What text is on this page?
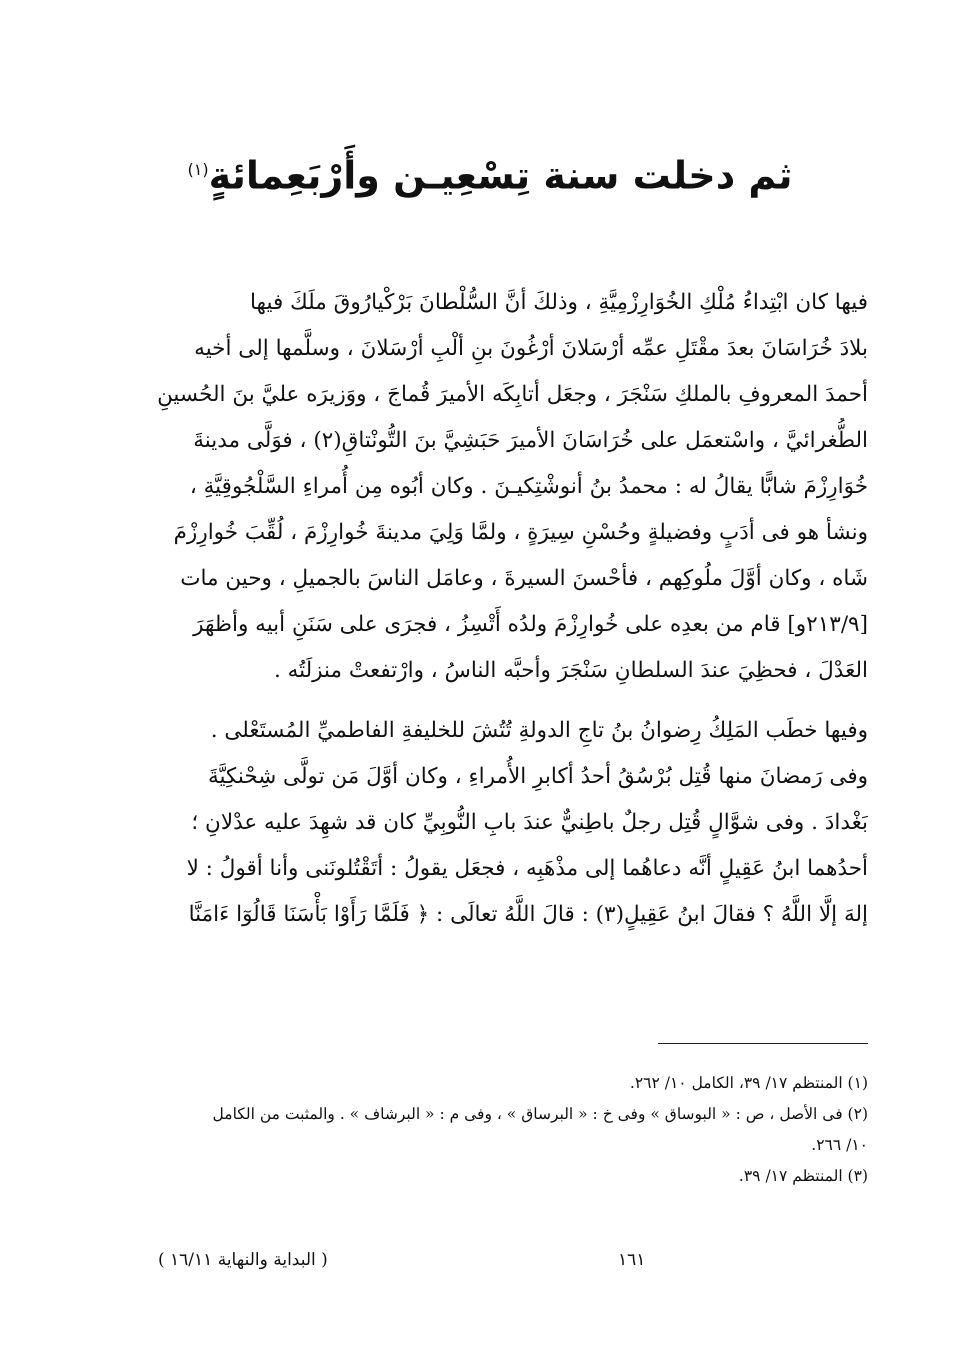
ثم دخلت سنة تِسْعِيـن وأَرْبَعِمائةٍ$^{(١)}$

فيها كان ابْتِداءُ مُلْكِ الخُوَارِزْمِيَّةِ ، وذلكَ أنَّ السُّلْطانَ بَرْكْيارُوقَ ملَكَ فيها
بلادَ خُرَاسَانَ بعدَ مقْتَلِ عمِّه أرْسَلانَ أرْغُونَ بنِ ألْبِ أرْسَلانَ ، وسلَّمها إلى أخيه
أحمدَ المعروفِ بالملكِ سَنْجَرَ ، وجعَل أتابِكَه الأميرَ قُماجَ ، ووَزيرَه عليَّ بنَ الحُسينِ
الطُّغرائيَّ ، واسْتعمَل على خُرَاسَانَ الأميرَ حَبَشِيَّ بنَ التُّونْتاقِ(٢) ، فوَلَّى مدينةَ
خُوَارِزْمَ شابًّا يقالُ له : محمدُ بنُ أنوشْتِكيـنَ . وكان أبُوه مِن أُمراءِ السَّلْجُوقِيَّةِ ،
ونشأ هو فى أدَبٍ وفضيلةٍ وحُسْنِ سِيرَةٍ ، ولمَّا وَلِيَ مدينةَ خُوارِزْمَ ، لُقِّبَ خُوارِزْمَ
شَاه ، وكان أوَّلَ ملُوكِهم ، فأحْسنَ السيرةَ ، وعامَل الناسَ بالجميلِ ، وحين مات
[٢١٣/٩و] قام من بعدِه على خُوارِزْمَ ولدُه أَتْسِزُ ، فجرَى على سَنَنِ أبيه وأظهَرَ
العَدْلَ ، فحظِيَ عندَ السلطانِ سَنْجَرَ وأحبَّه الناسُ ، وارْتفعتْ منزلَتُه .

وفيها خطَب المَلِكُ رِضوانُ بنُ تاجِ الدولةِ تُتُشَ للخليفةِ الفاطميِّ المُستَعْلى .
وفى رَمضانَ منها قُتِل بُرْسُقُ أحدُ أكابرِ الأُمراءِ ، وكان أوَّلَ مَن تولَّى شِحْنكِيَّةَ
بَغْدادَ . وفى شوَّالٍ قُتِل رجلٌ باطِنيٌّ عندَ بابِ النُّوبِيِّ كان قد شهِدَ عليه عدْلانِ ؛
أحدُهما ابنُ عَقِيلٍ أنَّه دعاهُما إلى مذْهَبِه ، فجعَل يقولُ : أتَقْتُلونَنى وأنا أقولُ : لا
إلهَ إلَّا اللَّهُ ؟ فقالَ ابنُ عَقِيلٍ(٣) : قالَ اللَّهُ تعالَى : ﴿ فَلَمَّا رَأَوْا بَأْسَنَا قَالُوٓا ءَامَنَّا

(١) المنتظم ١٧/ ٣٩، الكامل ١٠/ ٢٦٢.

(٢) فى الأصل ، ص : « البوساق » وفى خ : « البرساق » ، وفى م : « البرشاف » . والمثبت من الكامل

١٠/ ٢٦٦.

(٣) المنتظم ١٧/ ٣٩.

( البداية والنهاية ١٦/١١ )	١٦١
